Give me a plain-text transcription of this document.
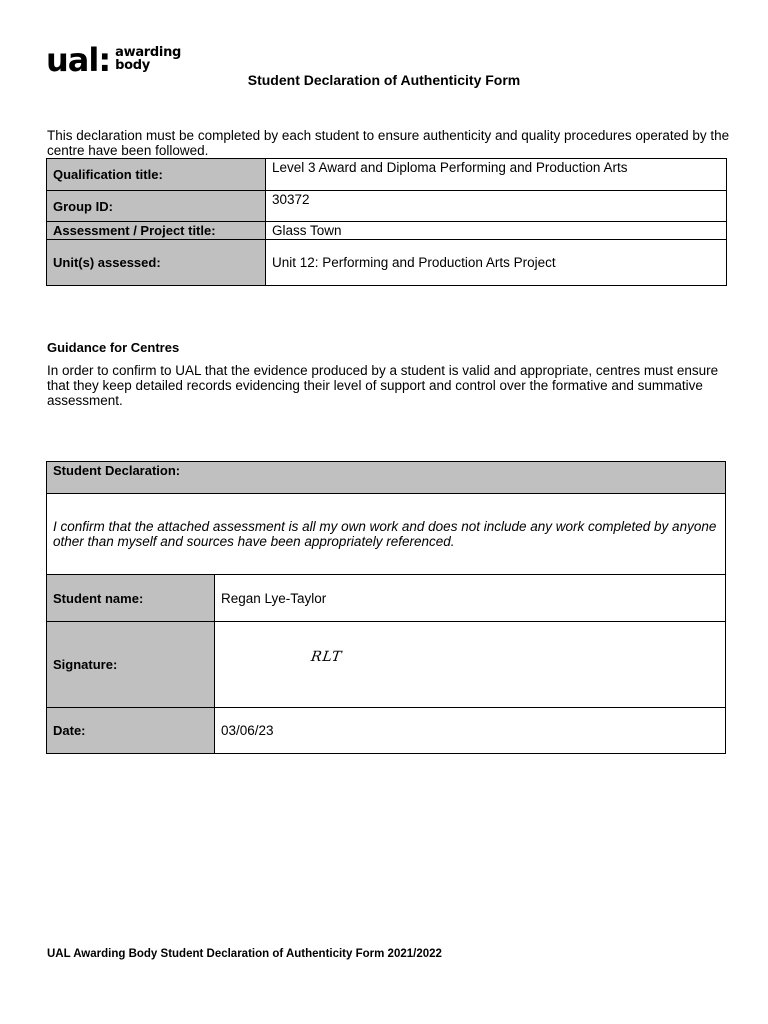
ual: awarding
body
Student Declaration of Authenticity Form
This declaration must be completed by each student to ensure authenticity and quality procedures operated by the centre have been followed.
Qualification title:	Level 3 Award and Diploma Performing and Production Arts
Group ID:	30372
Assessment / Project title:	Glass Town
Unit(s) assessed:	Unit 12: Performing and Production Arts Project
Guidance for Centres
In order to confirm to UAL that the evidence produced by a student is valid and appropriate, centres must ensure that they keep detailed records evidencing their level of support and control over the formative and summative assessment.
Student Declaration:	
I confirm that the attached assessment is all my own work and does not include any work completed by anyone other than myself and sources have been appropriately referenced.	
Student name:	Regan Lye-Taylor
Signature:	RLT
Date:	03/06/23
UAL Awarding Body Student Declaration of Authenticity Form 2021/2022
